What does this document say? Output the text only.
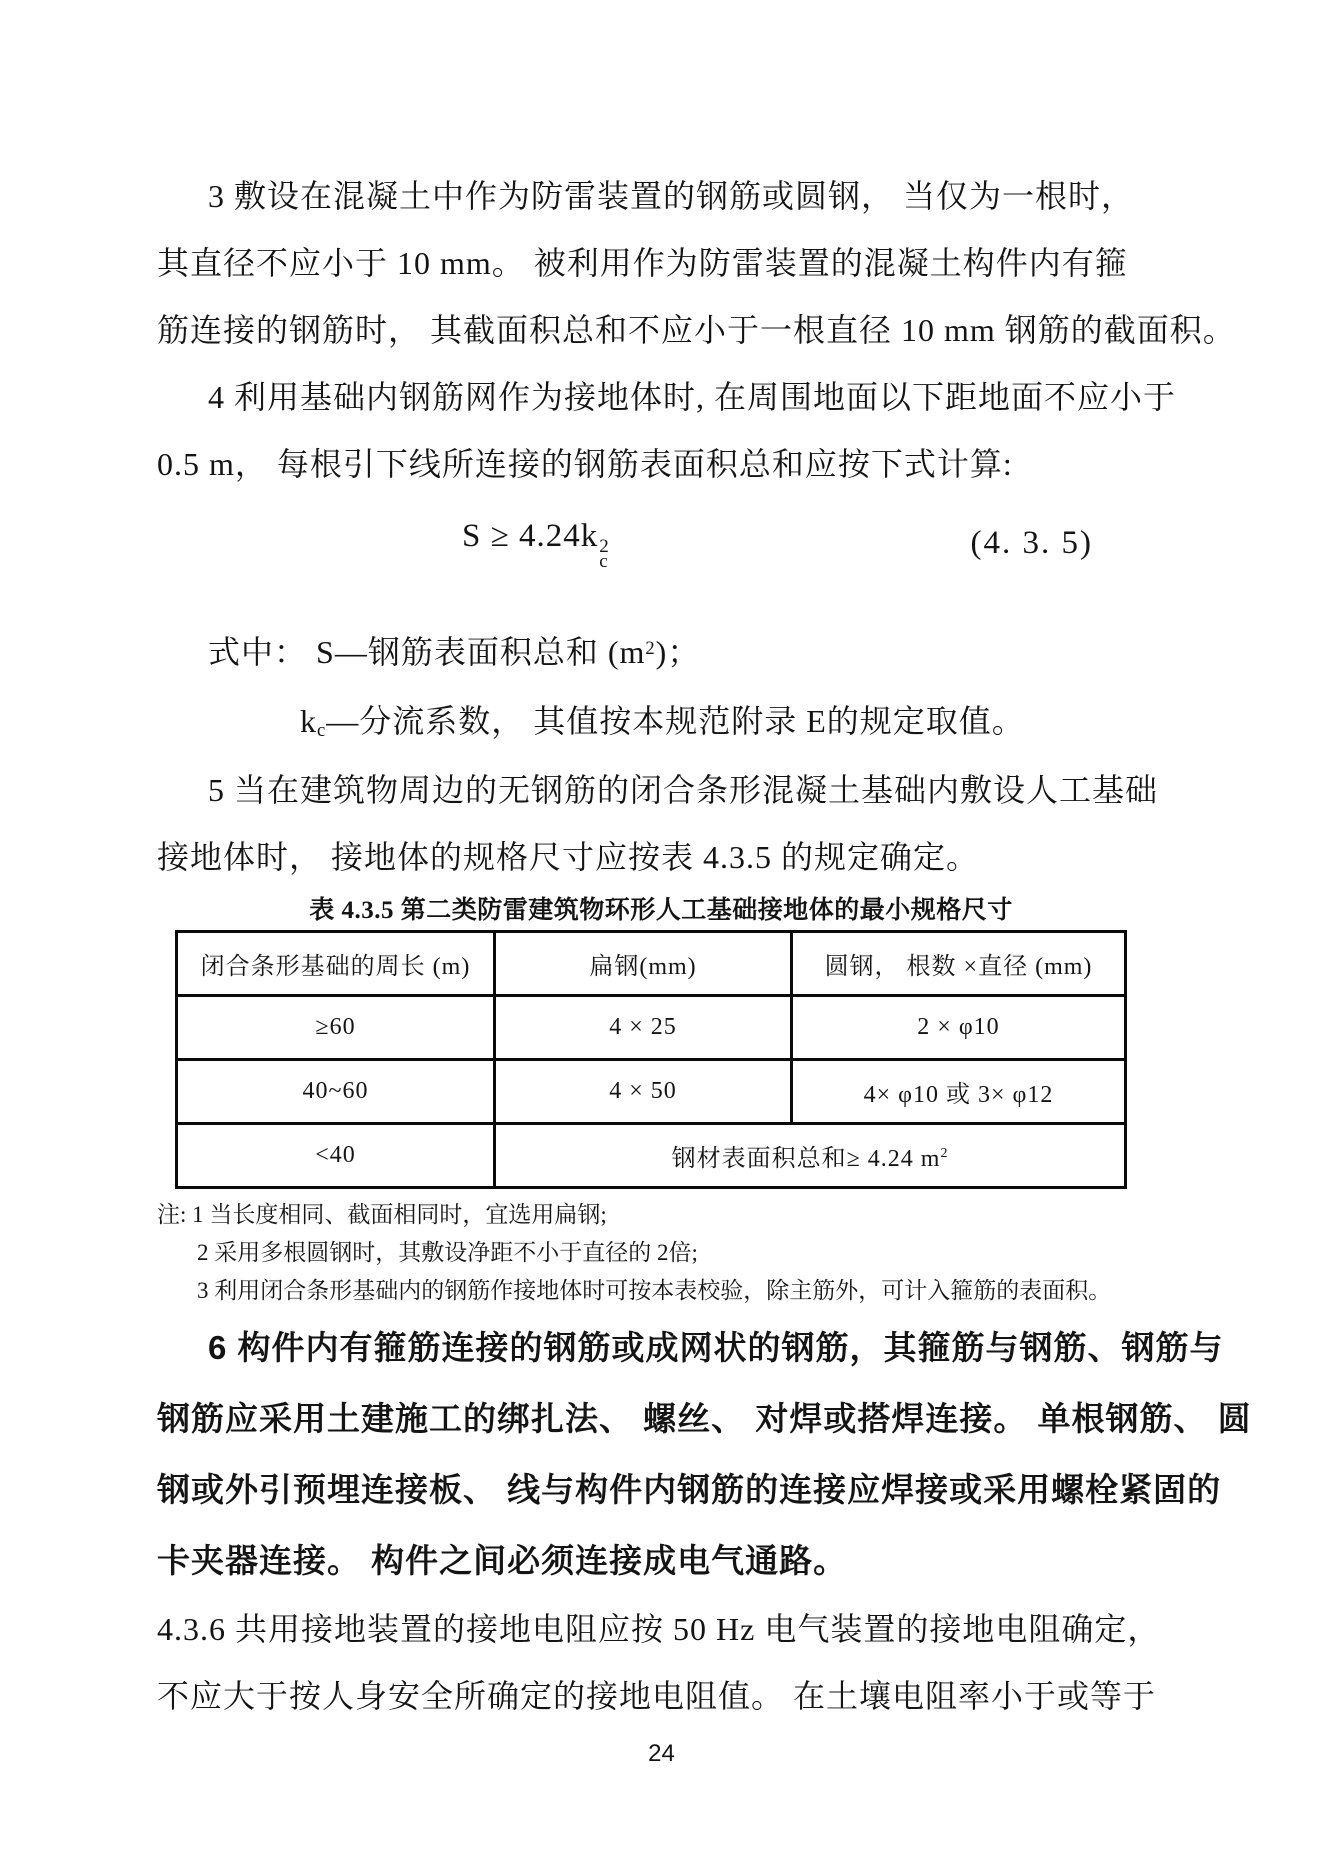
3 敷设在混凝土中作为防雷装置的钢筋或圆钢， 当仅为一根时，

其直径不应小于 10 mm。 被利用作为防雷装置的混凝土构件内有箍

筋连接的钢筋时， 其截面积总和不应小于一根直径 10 mm 钢筋的截面积。

4 利用基础内钢筋网作为接地体时, 在周围地面以下距地面不应小于

0.5 m， 每根引下线所连接的钢筋表面积总和应按下式计算:

S ≥ 4.24k 2
c
(4. 3. 5)

式中： S—钢筋表面积总和 $(m^2)$；

$k_c—$分流系数， 其值按本规范附录 E的规定取值。

5 当在建筑物周边的无钢筋的闭合条形混凝土基础内敷设人工基础

接地体时， 接地体的规格尺寸应按表 4.3.5 的规定确定。

表 4.3.5 第二类防雷建筑物环形人工基础接地体的最小规格尺寸

闭合条形基础的周长 (m)	扁钢(mm)	圆钢， 根数 ×直径 (mm)
≥60	4 × 25	2 × φ10
40~60	4 × 50	4× φ10 或 3× φ12
<40	钢材表面积总和≥ 4.24 $m^2$

注: 1 当长度相同、截面相同时，宜选用扁钢;

2 采用多根圆钢时，其敷设净距不小于直径的 2倍;

3 利用闭合条形基础内的钢筋作接地体时可按本表校验，除主筋外，可计入箍筋的表面积。

6 构件内有箍筋连接的钢筋或成网状的钢筋，其箍筋与钢筋、钢筋与

钢筋应采用土建施工的绑扎法、 螺丝、 对焊或搭焊连接。 单根钢筋、 圆

钢或外引预埋连接板、 线与构件内钢筋的连接应焊接或采用螺栓紧固的

卡夹器连接。 构件之间必须连接成电气通路。

4.3.6 共用接地装置的接地电阻应按 50 Hz 电气装置的接地电阻确定，

不应大于按人身安全所确定的接地电阻值。 在土壤电阻率小于或等于

24
